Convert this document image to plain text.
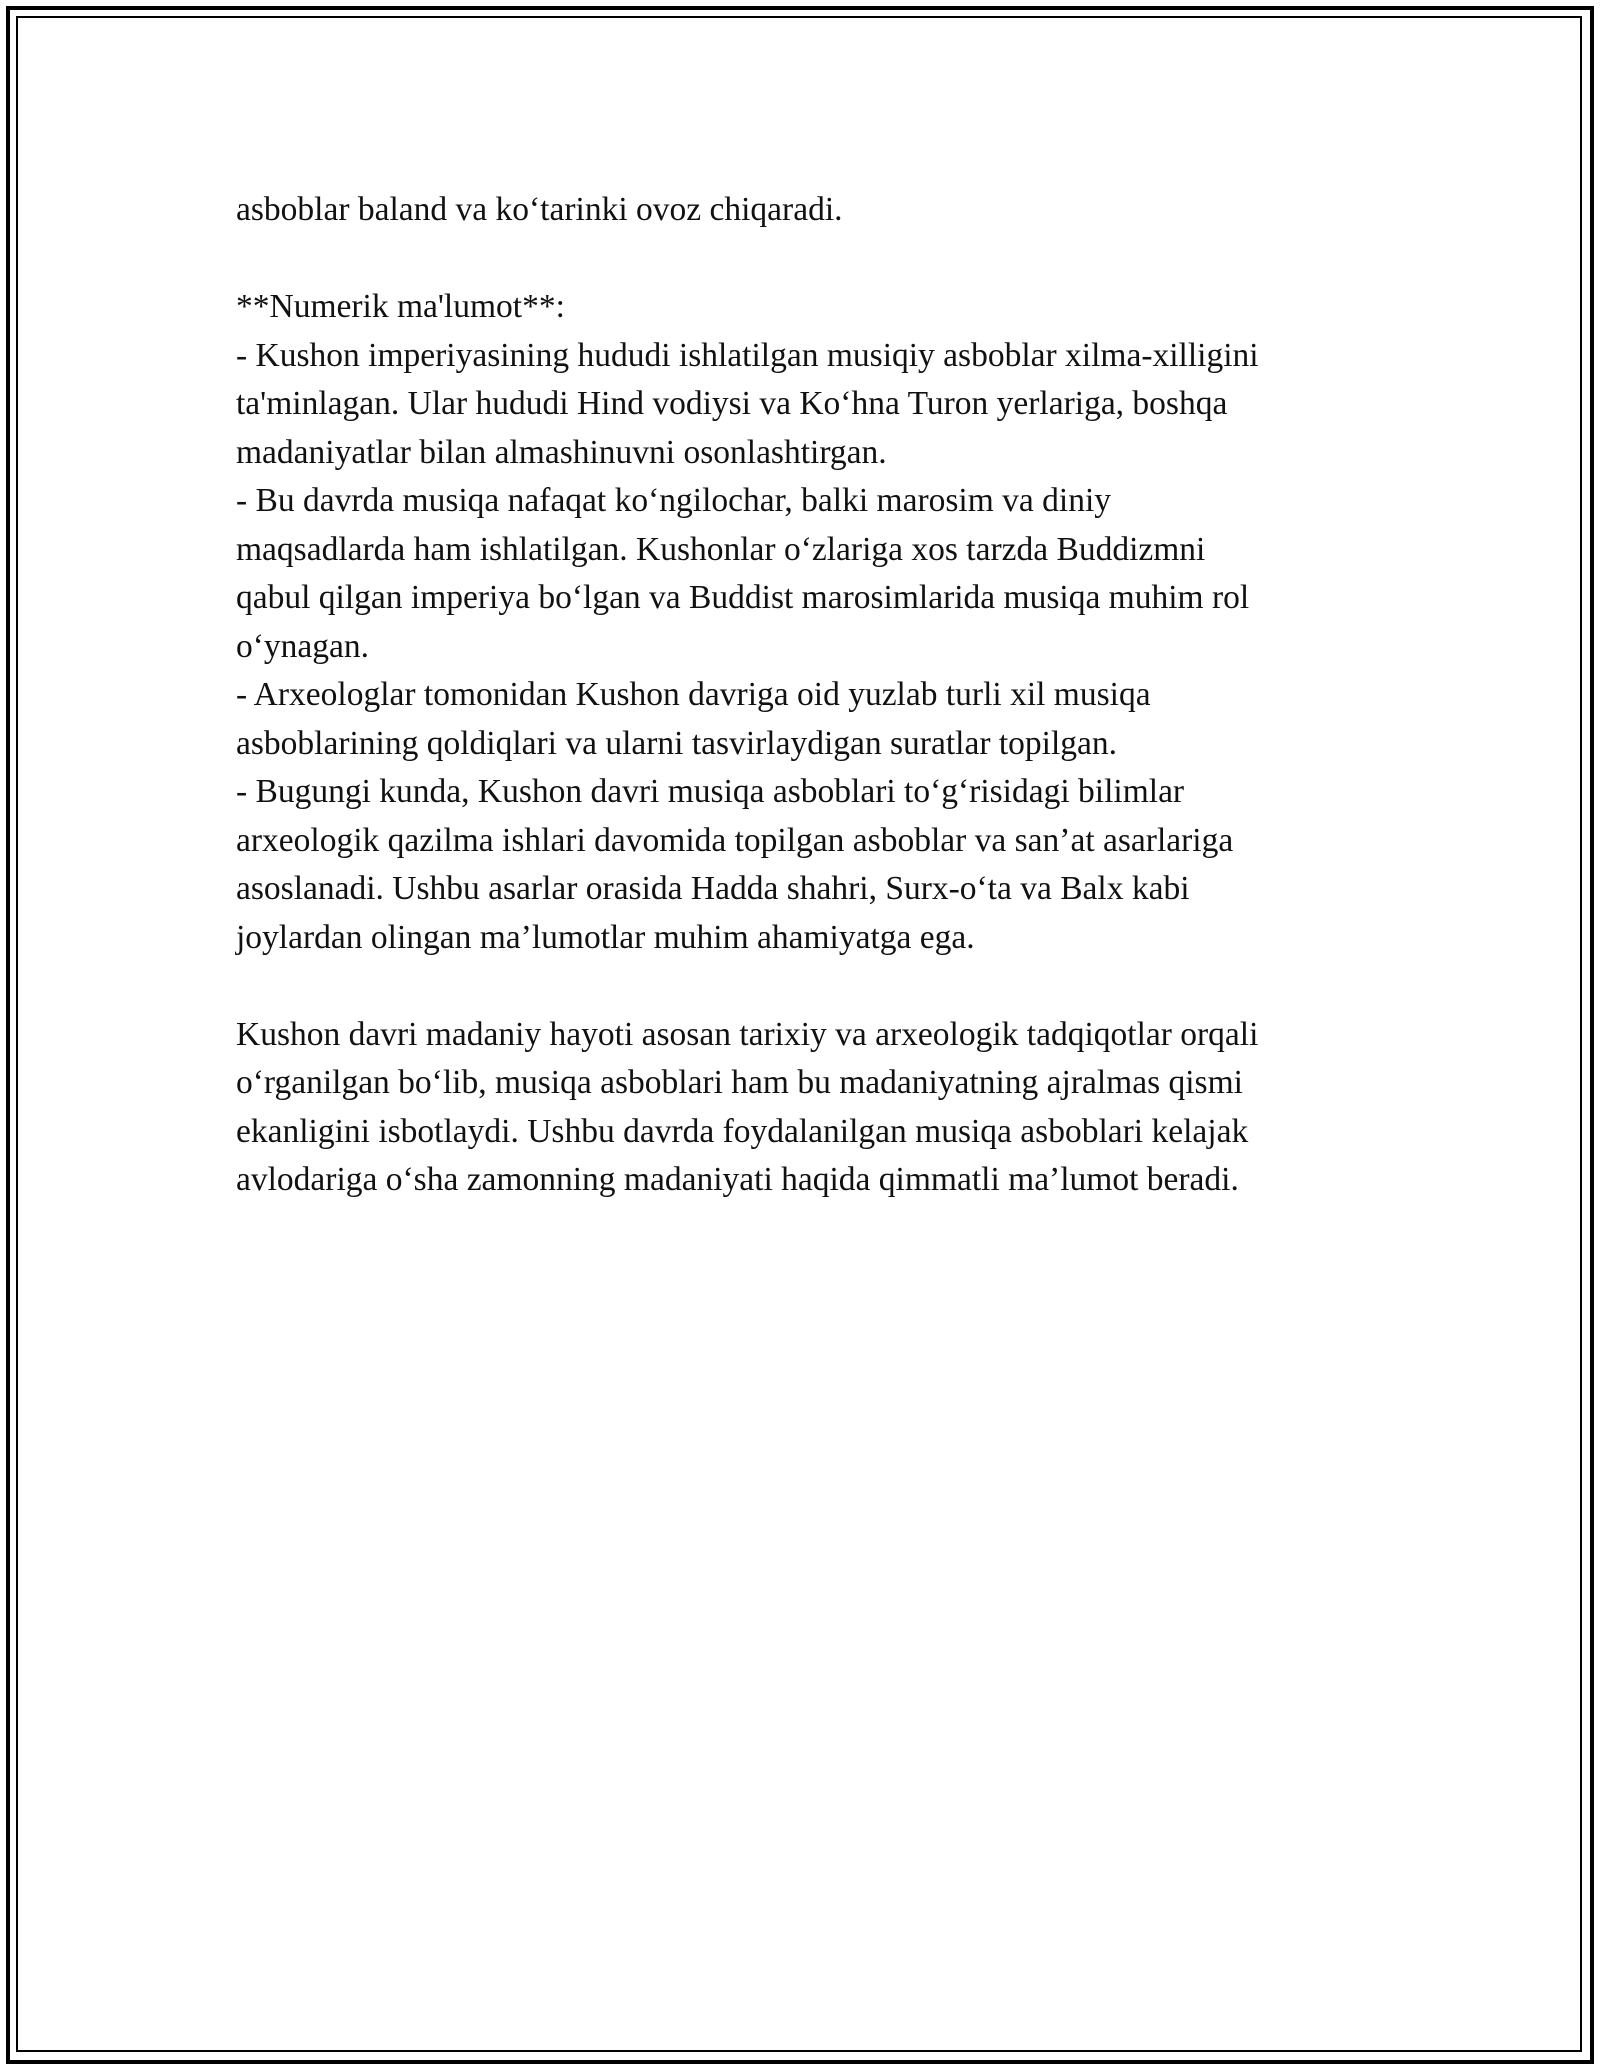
asboblar baland va ko‘tarinki ovoz chiqaradi.
**Numerik ma'lumot**:
- Kushon imperiyasining hududi ishlatilgan musiqiy asboblar xilma-xilligini
ta'minlagan. Ular hududi Hind vodiysi va Ko‘hna Turon yerlariga, boshqa
madaniyatlar bilan almashinuvni osonlashtirgan.
- Bu davrda musiqa nafaqat ko‘ngilochar, balki marosim va diniy
maqsadlarda ham ishlatilgan. Kushonlar o‘zlariga xos tarzda Buddizmni
qabul qilgan imperiya bo‘lgan va Buddist marosimlarida musiqa muhim rol
o‘ynagan.
- Arxeologlar tomonidan Kushon davriga oid yuzlab turli xil musiqa
asboblarining qoldiqlari va ularni tasvirlaydigan suratlar topilgan.
- Bugungi kunda, Kushon davri musiqa asboblari to‘g‘risidagi bilimlar
arxeologik qazilma ishlari davomida topilgan asboblar va san’at asarlariga
asoslanadi. Ushbu asarlar orasida Hadda shahri, Surx-o‘ta va Balx kabi
joylardan olingan ma’lumotlar muhim ahamiyatga ega.
Kushon davri madaniy hayoti asosan tarixiy va arxeologik tadqiqotlar orqali
o‘rganilgan bo‘lib, musiqa asboblari ham bu madaniyatning ajralmas qismi
ekanligini isbotlaydi. Ushbu davrda foydalanilgan musiqa asboblari kelajak
avlodariga o‘sha zamonning madaniyati haqida qimmatli ma’lumot beradi.
